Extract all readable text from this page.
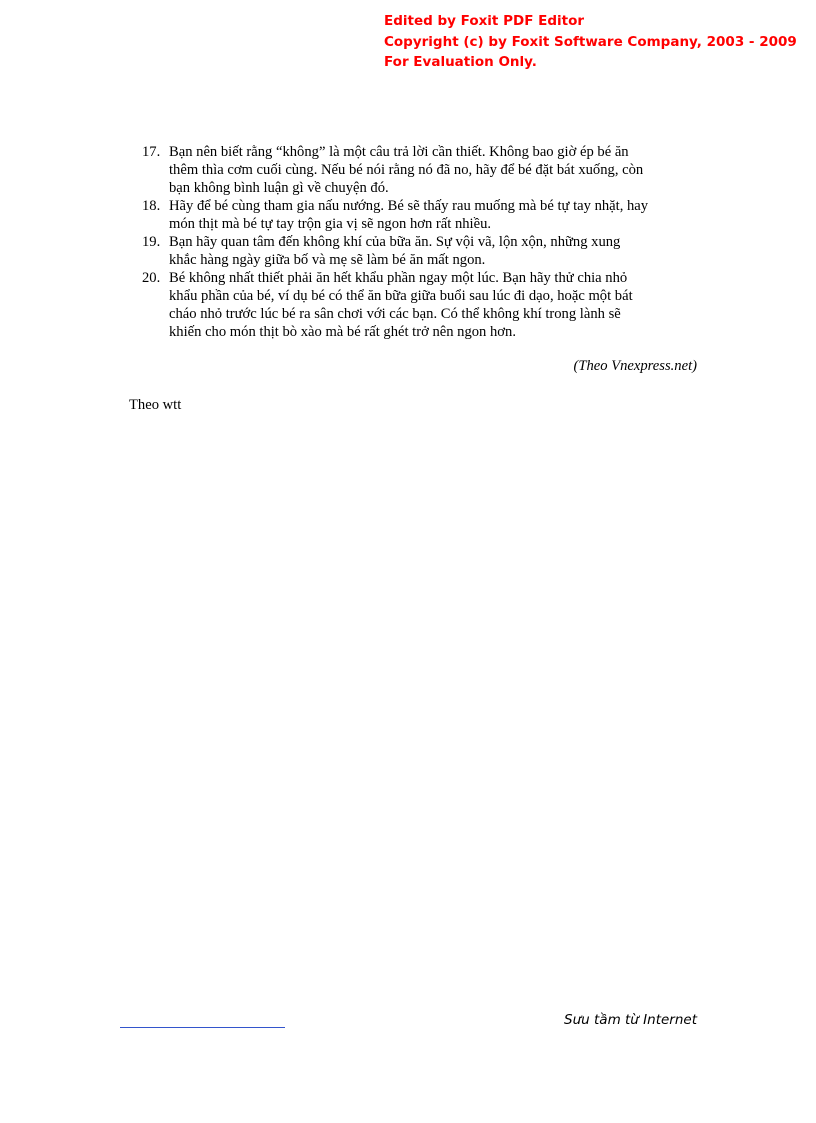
Edited by Foxit PDF Editor
Copyright (c) by Foxit Software Company, 2003 - 2009
For Evaluation Only.
17. Bạn nên biết rằng “không” là một câu trả lời cần thiết. Không bao giờ ép bé ăn
thêm thìa cơm cuối cùng. Nếu bé nói rằng nó đã no, hãy để bé đặt bát xuống, còn
bạn không bình luận gì về chuyện đó.
18. Hãy để bé cùng tham gia nấu nướng. Bé sẽ thấy rau muống mà bé tự tay nhặt, hay
món thịt mà bé tự tay trộn gia vị sẽ ngon hơn rất nhiều.
19. Bạn hãy quan tâm đến không khí của bữa ăn. Sự vội vã, lộn xộn, những xung
khắc hàng ngày giữa bố và mẹ sẽ làm bé ăn mất ngon.
20. Bé không nhất thiết phải ăn hết khẩu phần ngay một lúc. Bạn hãy thử chia nhỏ
khẩu phần của bé, ví dụ bé có thể ăn bữa giữa buổi sau lúc đi dạo, hoặc một bát
cháo nhỏ trước lúc bé ra sân chơi với các bạn. Có thể không khí trong lành sẽ
khiến cho món thịt bò xào mà bé rất ghét trở nên ngon hơn.
(Theo Vnexpress.net)
Theo wtt
Sưu tầm từ Internet
